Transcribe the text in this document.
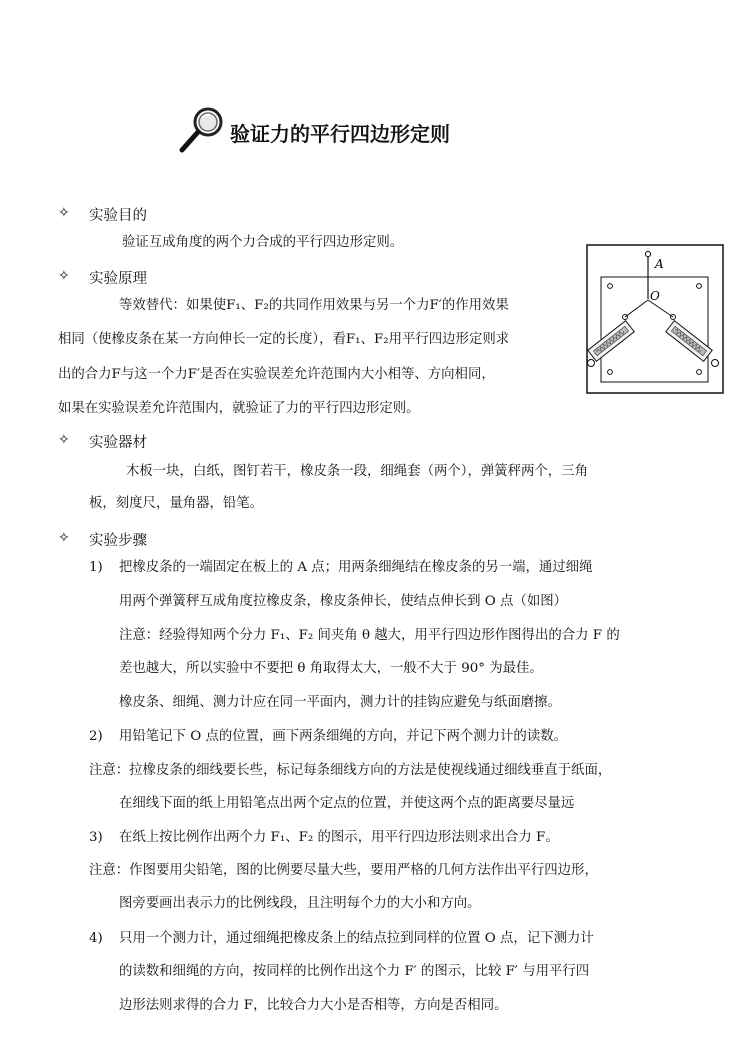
验证力的平行四边形定则
✧ 实验目的
验证互成角度的两个力合成的平行四边形定则。
✧ 实验原理
等效替代：如果使F₁、F₂的共同作用效果与另一个力F′的作用效果
相同（使橡皮条在某一方向伸长一定的长度），看F₁、F₂用平行四边形定则求
出的合力F与这一个力F′是否在实验误差允许范围内大小相等、方向相同，
如果在实验误差允许范围内，就验证了力的平行四边形定则。
A
O
✧ 实验器材
木板一块，白纸，图钉若干，橡皮条一段，细绳套（两个），弹簧秤两个，三角
板，刻度尺，量角器，铅笔。
✧ 实验步骤
1) 把橡皮条的一端固定在板上的 A 点；用两条细绳结在橡皮条的另一端，通过细绳
用两个弹簧秤互成角度拉橡皮条，橡皮条伸长，使结点伸长到 O 点（如图）
注意：经验得知两个分力 F₁、F₂ 间夹角 θ 越大，用平行四边形作图得出的合力 F 的
差也越大，所以实验中不要把 θ 角取得太大，一般不大于 90° 为最佳。
橡皮条、细绳、测力计应在同一平面内，测力计的挂钩应避免与纸面磨擦。
2) 用铅笔记下 O 点的位置，画下两条细绳的方向，并记下两个测力计的读数。
注意：拉橡皮条的细线要长些，标记每条细线方向的方法是使视线通过细线垂直于纸面，
在细线下面的纸上用铅笔点出两个定点的位置，并使这两个点的距离要尽量远
3) 在纸上按比例作出两个力 F₁、F₂ 的图示，用平行四边形法则求出合力 F。
注意：作图要用尖铅笔，图的比例要尽量大些，要用严格的几何方法作出平行四边形，
图旁要画出表示力的比例线段，且注明每个力的大小和方向。
4) 只用一个测力计，通过细绳把橡皮条上的结点拉到同样的位置 O 点，记下测力计
的读数和细绳的方向，按同样的比例作出这个力 F′ 的图示，比较 F′ 与用平行四
边形法则求得的合力 F，比较合力大小是否相等，方向是否相同。
